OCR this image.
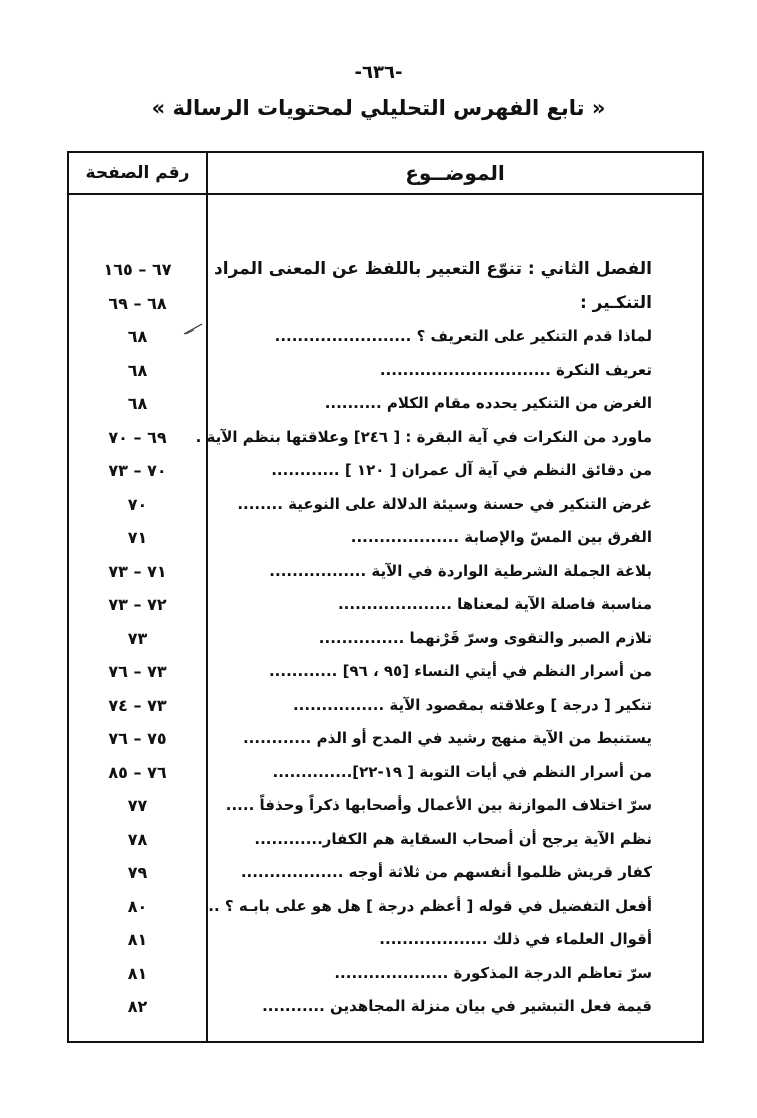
-٦٣٦-
« تابع الفهرس التحليلي لمحتويات الرسالة »
الموضــوع
رقم الصفحة
الفصل الثاني : تنوّع التعبير باللفظ عن المعنى المراد
٦٧ – ١٦٥
التنكـير :
٦٨ – ٦٩
لماذا قدم التنكير على التعريف ؟ ........................
٦٨
تعريف النكرة ..............................
٦٨
الغرض من التنكير يحدده مقام الكلام ..........
٦٨
ماورد من النكرات في آية البقرة : [ ٢٤٦] وعلاقتها بنظم الآية .
٦٩ – ٧٠
من دقائق النظم في آية آل عمران [ ١٢٠ ] ............
٧٠ – ٧٣
غرض التنكير في حسنة وسيئة الدلالة على النوعية ........
٧٠
الفرق بين المسّ والإصابة ...................
٧١
بلاغة الجملة الشرطية الواردة في الآية .................
٧١ – ٧٣
مناسبة فاصلة الآية لمعناها ....................
٧٢ – ٧٣
تلازم الصبر والتقوى وسرّ قَرْنهما ...............
٧٣
من أسرار النظم في أيتي النساء [٩٥ ، ٩٦] ............
٧٣ – ٧٦
تنكير [ درجة ] وعلاقته بمقصود الآية ................
٧٣ – ٧٤
يستنبط من الآية منهج رشيد في المدح أو الذم ............
٧٥ – ٧٦
من أسرار النظم في أيات التوبة [ ١٩-٢٢]..............
٧٦ – ٨٥
سرّ اختلاف الموازنة بين الأعمال وأصحابها ذكراً وحذفاً .....
٧٧
نظم الآية يرجح أن أصحاب السقاية هم الكفار............
٧٨
كفار قريش ظلموا أنفسهم من ثلاثة أوجه ..................
٧٩
أفعل التفضيل في قوله [ أعظم درجة ] هل هو على بابـه ؟ ..
٨٠
أقوال العلماء في ذلك ...................
٨١
سرّ تعاظم الدرجة المذكورة ....................
٨١
قيمة فعل التبشير في بيان منزلة المجاهدين ...........
٨٢
